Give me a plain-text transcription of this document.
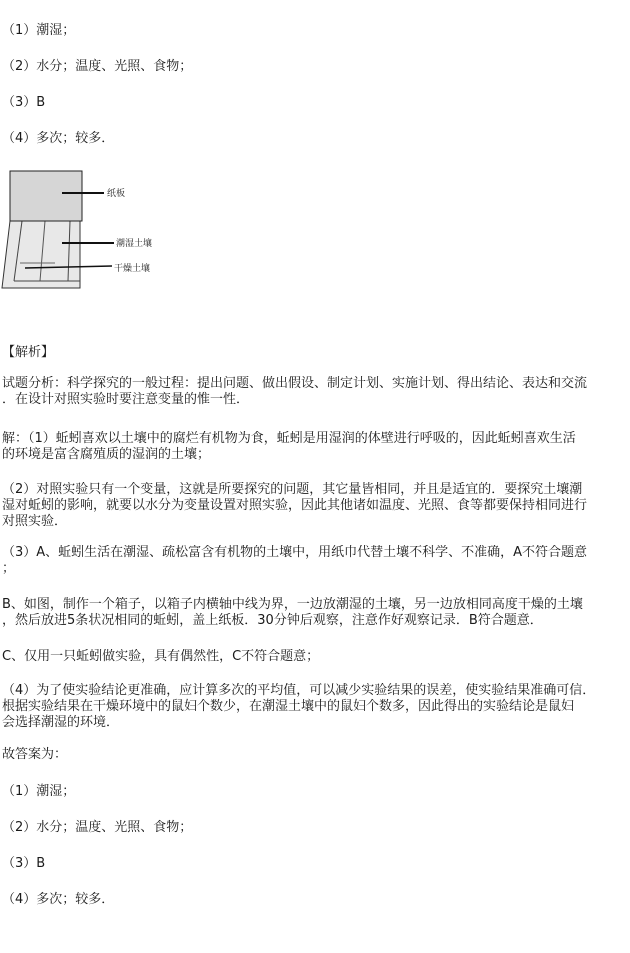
（1）潮湿；
（2）水分；温度、光照、食物；
（3）B
（4）多次；较多．
纸板
潮湿土壤
干燥土壤
【解析】
试题分析：科学探究的一般过程：提出问题、做出假设、制定计划、实施计划、得出结论、表达和交流
．在设计对照实验时要注意变量的惟一性．
解：（1）蚯蚓喜欢以土壤中的腐烂有机物为食，蚯蚓是用湿润的体壁进行呼吸的，因此蚯蚓喜欢生活
的环境是富含腐殖质的湿润的土壤；
（2）对照实验只有一个变量，这就是所要探究的问题，其它量皆相同，并且是适宜的．要探究土壤潮
湿对蚯蚓的影响，就要以水分为变量设置对照实验，因此其他诸如温度、光照、食等都要保持相同进行
对照实验．
（3）A、蚯蚓生活在潮湿、疏松富含有机物的土壤中，用纸巾代替土壤不科学、不准确，A不符合题意
；
B、如图，制作一个箱子，以箱子内横轴中线为界，一边放潮湿的土壤，另一边放相同高度干燥的土壤
，然后放进5条状况相同的蚯蚓，盖上纸板．30分钟后观察，注意作好观察记录．B符合题意．
C、仅用一只蚯蚓做实验，具有偶然性，C不符合题意；
（4）为了使实验结论更准确，应计算多次的平均值，可以减少实验结果的误差，使实验结果准确可信．
根据实验结果在干燥环境中的鼠妇个数少，在潮湿土壤中的鼠妇个数多，因此得出的实验结论是鼠妇
会选择潮湿的环境．
故答案为：
（1）潮湿；
（2）水分；温度、光照、食物；
（3）B
（4）多次；较多．
